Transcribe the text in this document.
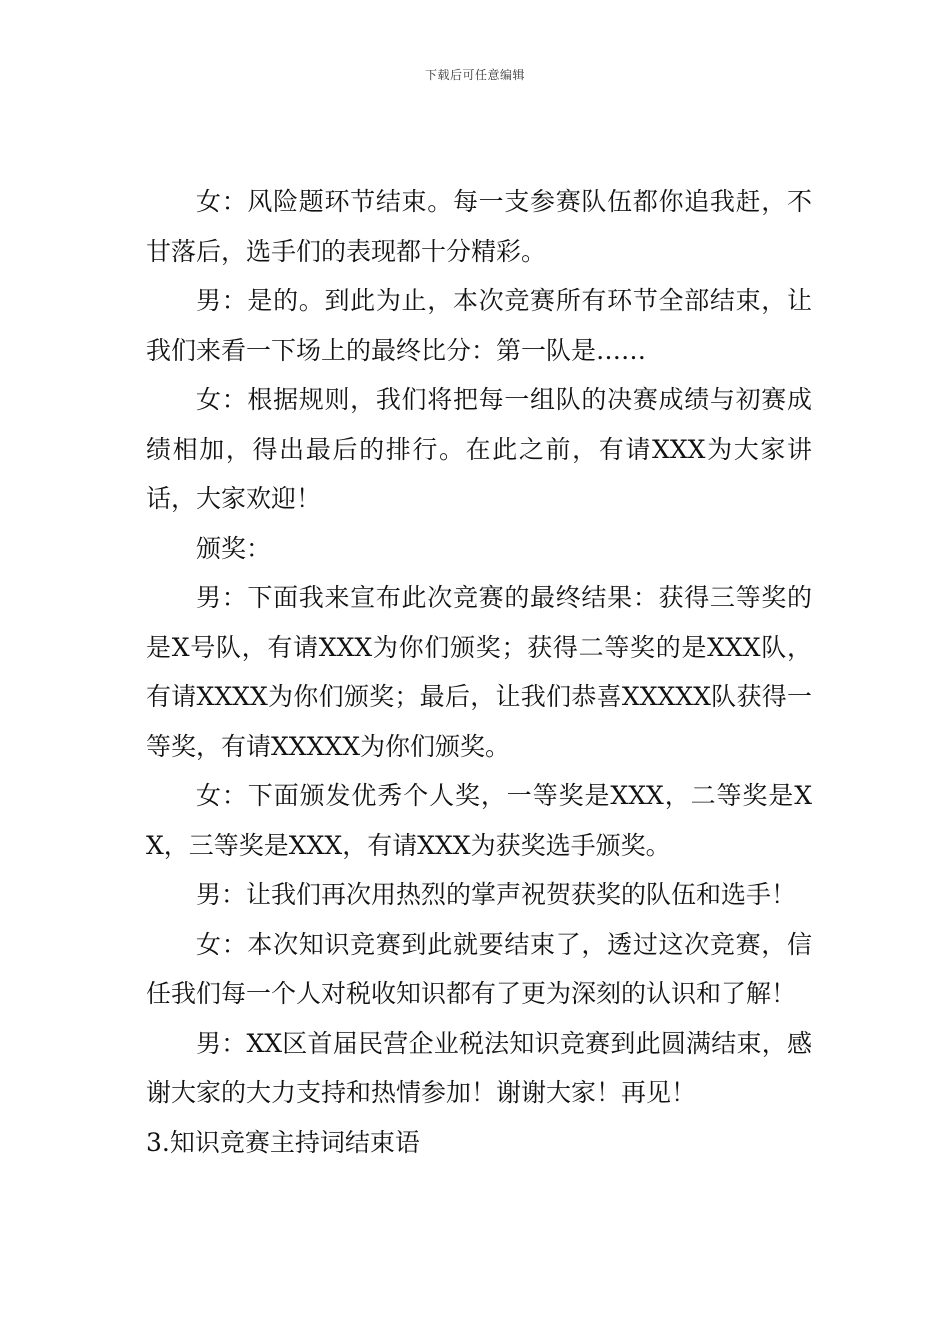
下载后可任意编辑

女：风险题环节结束。每一支参赛队伍都你追我赶，不甘落后，选手们的表现都十分精彩。

男：是的。到此为止，本次竞赛所有环节全部结束，让我们来看一下场上的最终比分：第一队是……

女：根据规则，我们将把每一组队的决赛成绩与初赛成绩相加，得出最后的排行。在此之前，有请XXX为大家讲话，大家欢迎！

颁奖：

男：下面我来宣布此次竞赛的最终结果：获得三等奖的是X号队，有请XXX为你们颁奖；获得二等奖的是XXX队，有请XXXX为你们颁奖；最后，让我们恭喜XXXXX队获得一等奖，有请XXXXX为你们颁奖。

女：下面颁发优秀个人奖，一等奖是XXX，二等奖是XX，三等奖是XXX，有请XXX为获奖选手颁奖。

男：让我们再次用热烈的掌声祝贺获奖的队伍和选手！

女：本次知识竞赛到此就要结束了，透过这次竞赛，信任我们每一个人对税收知识都有了更为深刻的认识和了解！

男：XX区首届民营企业税法知识竞赛到此圆满结束，感谢大家的大力支持和热情参加！谢谢大家！再见！

3.知识竞赛主持词结束语
